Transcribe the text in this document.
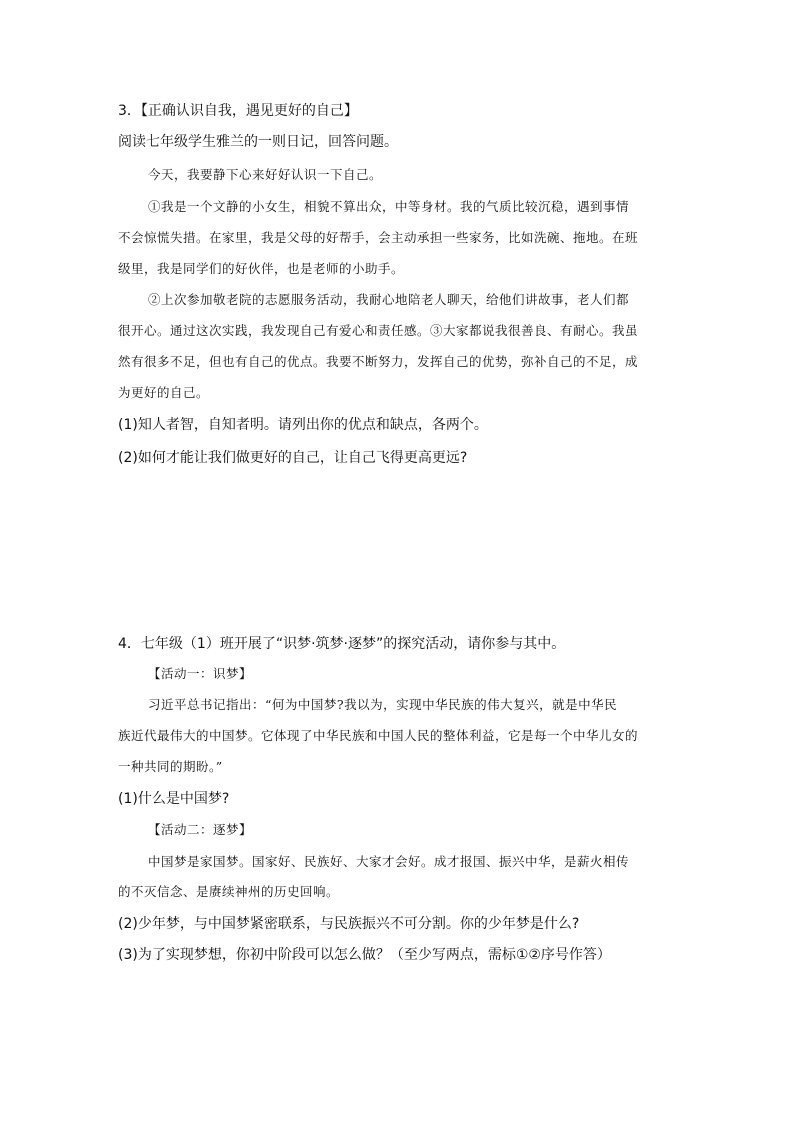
3．【正确认识自我，遇见更好的自己】
阅读七年级学生雅兰的一则日记，回答问题。
今天，我要静下心来好好认识一下自己。
①我是一个文静的小女生，相貌不算出众，中等身材。我的气质比较沉稳，遇到事情
不会惊慌失措。在家里，我是父母的好帮手，会主动承担一些家务，比如洗碗、拖地。在班
级里，我是同学们的好伙伴，也是老师的小助手。
②上次参加敬老院的志愿服务活动，我耐心地陪老人聊天，给他们讲故事，老人们都
很开心。通过这次实践，我发现自己有爱心和责任感。③大家都说我很善良、有耐心。我虽
然有很多不足，但也有自己的优点。我要不断努力，发挥自己的优势，弥补自己的不足，成
为更好的自己。
(1)知人者智，自知者明。请列出你的优点和缺点，各两个。
(2)如何才能让我们做更好的自己，让自己飞得更高更远?
4．七年级（1）班开展了“识梦·筑梦·逐梦”的探究活动，请你参与其中。
【活动一：识梦】
习近平总书记指出：“何为中国梦?我以为，实现中华民族的伟大复兴，就是中华民
族近代最伟大的中国梦。它体现了中华民族和中国人民的整体利益，它是每一个中华儿女的
一种共同的期盼。”
(1)什么是中国梦?
【活动二：逐梦】
中国梦是家国梦。国家好、民族好、大家才会好。成才报国、振兴中华，是薪火相传
的不灭信念、是赓续神州的历史回响。
(2)少年梦，与中国梦紧密联系，与民族振兴不可分割。你的少年梦是什么?
(3)为了实现梦想，你初中阶段可以怎么做？（至少写两点，需标①②序号作答）
